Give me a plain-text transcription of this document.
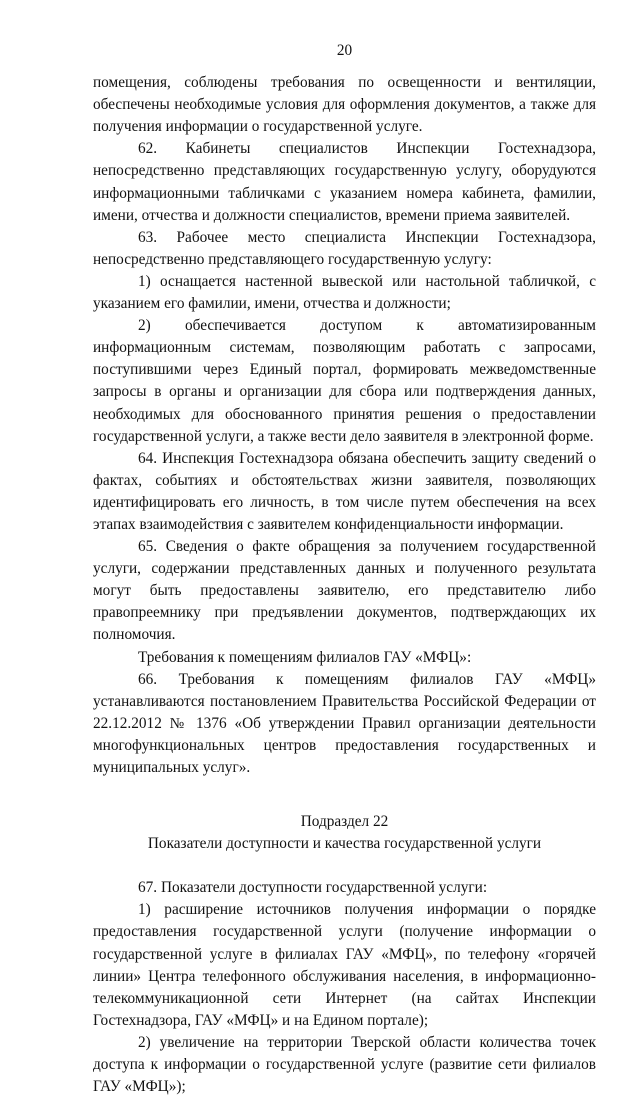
20

помещения, соблюдены требования по освещенности и вентиляции, обеспечены необходимые условия для оформления документов, а также для получения информации о государственной услуге.

62. Кабинеты специалистов Инспекции Гостехнадзора, непосредственно представляющих государственную услугу, оборудуются информационными табличками с указанием номера кабинета, фамилии, имени, отчества и должности специалистов, времени приема заявителей.

63. Рабочее место специалиста Инспекции Гостехнадзора, непосредственно представляющего государственную услугу:

1) оснащается настенной вывеской или настольной табличкой, с указанием его фамилии, имени, отчества и должности;

2) обеспечивается доступом к автоматизированным информационным системам, позволяющим работать с запросами, поступившими через Единый портал, формировать межведомственные запросы в органы и организации для сбора или подтверждения данных, необходимых для обоснованного принятия решения о предоставлении государственной услуги, а также вести дело заявителя в электронной форме.

64. Инспекция Гостехнадзора обязана обеспечить защиту сведений о фактах, событиях и обстоятельствах жизни заявителя, позволяющих идентифицировать его личность, в том числе путем обеспечения на всех этапах взаимодействия с заявителем конфиденциальности информации.

65. Сведения о факте обращения за получением государственной услуги, содержании представленных данных и полученного результата могут быть предоставлены заявителю, его представителю либо правопреемнику при предъявлении документов, подтверждающих их полномочия.

Требования к помещениям филиалов ГАУ «МФЦ»:

66. Требования к помещениям филиалов ГАУ «МФЦ» устанавливаются постановлением Правительства Российской Федерации от 22.12.2012 № 1376 «Об утверждении Правил организации деятельности многофункциональных центров предоставления государственных и муниципальных услуг».

Подраздел 22

Показатели доступности и качества государственной услуги

67. Показатели доступности государственной услуги:

1) расширение источников получения информации о порядке предоставления государственной услуги (получение информации о государственной услуге в филиалах ГАУ «МФЦ», по телефону «горячей линии» Центра телефонного обслуживания населения, в информационно-телекоммуникационной сети Интернет (на сайтах Инспекции Гостехнадзора, ГАУ «МФЦ» и на Едином портале);

2) увеличение на территории Тверской области количества точек доступа к информации о государственной услуге (развитие сети филиалов ГАУ «МФЦ»);
